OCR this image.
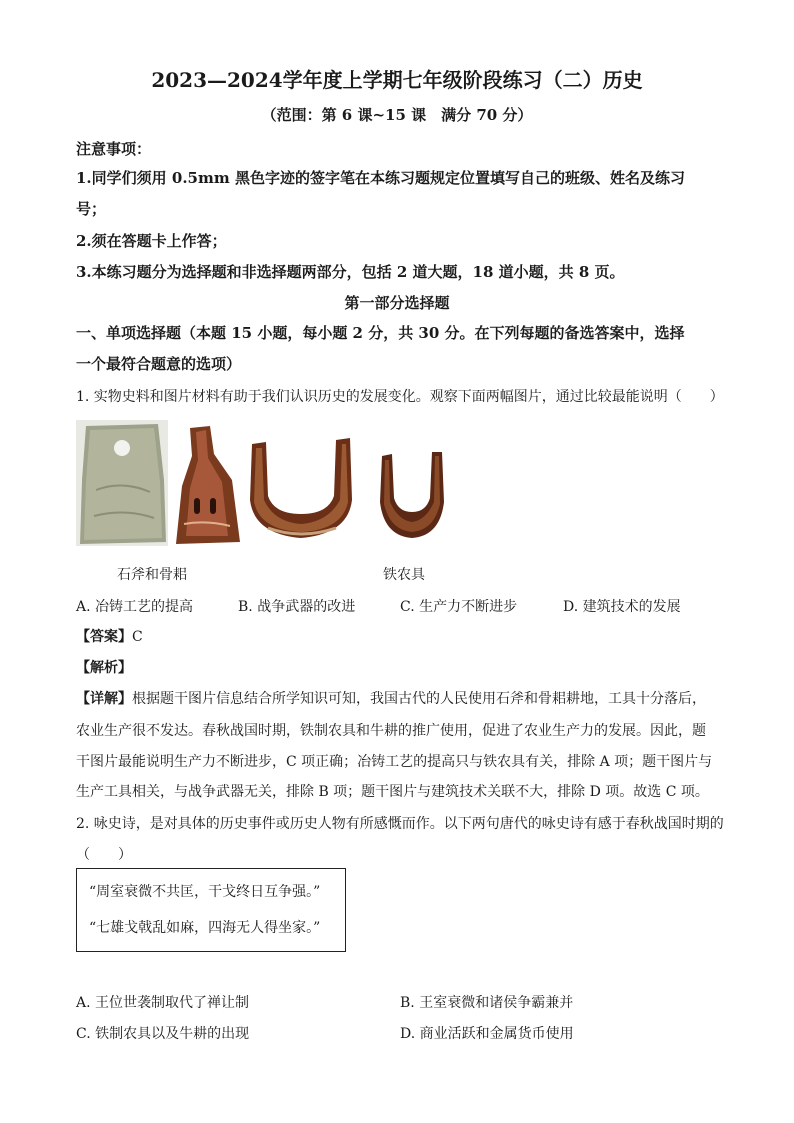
2023—2024学年度上学期七年级阶段练习（二）历史
（范围：第 6 课~15 课　满分 70 分）
注意事项：
1.同学们须用 0.5mm 黑色字迹的签字笔在本练习题规定位置填写自己的班级、姓名及练习
号；
2.须在答题卡上作答；
3.本练习题分为选择题和非选择题两部分，包括 2 道大题，18 道小题，共 8 页。
第一部分选择题
一、单项选择题（本题 15 小题，每小题 2 分，共 30 分。在下列每题的备选答案中，选择
一个最符合题意的选项）
1. 实物史料和图片材料有助于我们认识历史的发展变化。观察下面两幅图片，通过比较最能说明（　　）
石斧和骨耜	铁农具
A. 冶铸工艺的提高	B. 战争武器的改进	C. 生产力不断进步	D. 建筑技术的发展
【答案】C
【解析】
【详解】根据题干图片信息结合所学知识可知，我国古代的人民使用石斧和骨耜耕地，工具十分落后，
农业生产很不发达。春秋战国时期，铁制农具和牛耕的推广使用，促进了农业生产力的发展。因此，题
干图片最能说明生产力不断进步，C 项正确；冶铸工艺的提高只与铁农具有关，排除 A 项；题干图片与
生产工具相关，与战争武器无关，排除 B 项；题干图片与建筑技术关联不大，排除 D 项。故选 C 项。
2. 咏史诗，是对具体的历史事件或历史人物有所感慨而作。以下两句唐代的咏史诗有感于春秋战国时期的
（　　）
“周室衰微不共匡，干戈终日互争强。”
“七雄戈戟乱如麻，四海无人得坐家。”
A. 王位世袭制取代了禅让制	B. 王室衰微和诸侯争霸兼并
C. 铁制农具以及牛耕的出现	D. 商业活跃和金属货币使用
